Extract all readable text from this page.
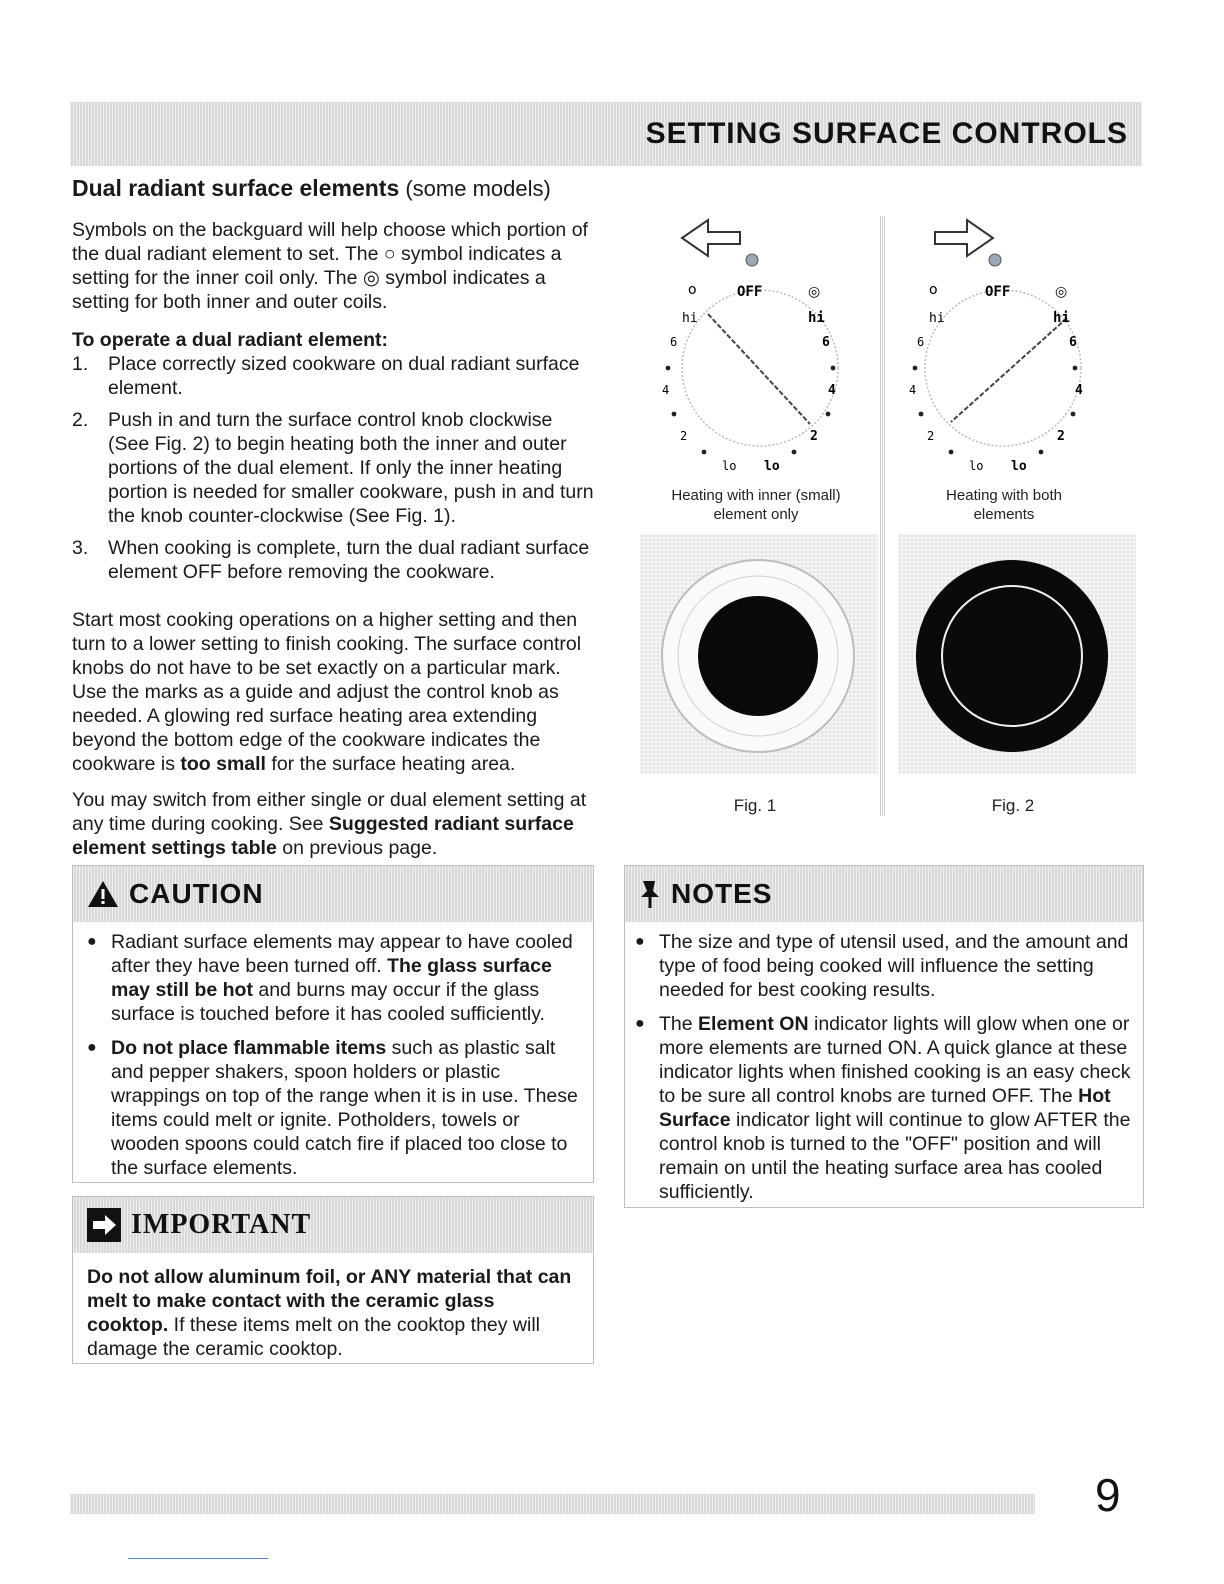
SETTING SURFACE CONTROLS
Dual radiant surface elements (some models)

Symbols on the backguard will help choose which portion of the dual radiant element to set. The ○ symbol indicates a setting for the inner coil only. The ◎ symbol indicates a setting for both inner and outer coils.

To operate a dual radiant element:
1.	Place correctly sized cookware on dual radiant surface element.
2.	Push in and turn the surface control knob clockwise (See Fig. 2) to begin heating both the inner and outer portions of the dual element. If only the inner heating portion is needed for smaller cookware, push in and turn the knob counter-clockwise (See Fig. 1).
3.	When cooking is complete, turn the dual radiant surface element OFF before removing the cookware.

Start most cooking operations on a higher setting and then turn to a lower setting to finish cooking. The surface control knobs do not have to be set exactly on a particular mark. Use the marks as a guide and adjust the control knob as needed. A glowing red surface heating area extending beyond the bottom edge of the cookware indicates the cookware is too small for the surface heating area.

You may switch from either single or dual element setting at any time during cooking. See Suggested radiant surface element settings table on previous page.

o	OFF	◎
hi	hi
6	6
4	4
2	2
lo lo
o	OFF	◎
hi	hi
6	6
4	4
2	2
lo lo
Heating with inner (small) element only
Heating with both elements
Fig. 1	Fig. 2
CAUTION
● Radiant surface elements may appear to have cooled after they have been turned off. The glass surface may still be hot and burns may occur if the glass surface is touched before it has cooled sufficiently.
● Do not place flammable items such as plastic salt and pepper shakers, spoon holders or plastic wrappings on top of the range when it is in use. These items could melt or ignite. Potholders, towels or wooden spoons could catch fire if placed too close to the surface elements.
IMPORTANT
Do not allow aluminum foil, or ANY material that can melt to make contact with the ceramic glass cooktop. If these items melt on the cooktop they will damage the ceramic cooktop.
NOTES
● The size and type of utensil used, and the amount and type of food being cooked will influence the setting needed for best cooking results.
● The Element ON indicator lights will glow when one or more elements are turned ON. A quick glance at these indicator lights when finished cooking is an easy check to be sure all control knobs are turned OFF. The Hot Surface indicator light will continue to glow AFTER the control knob is turned to the "OFF" position and will remain on until the heating surface area has cooled sufficiently.
9
